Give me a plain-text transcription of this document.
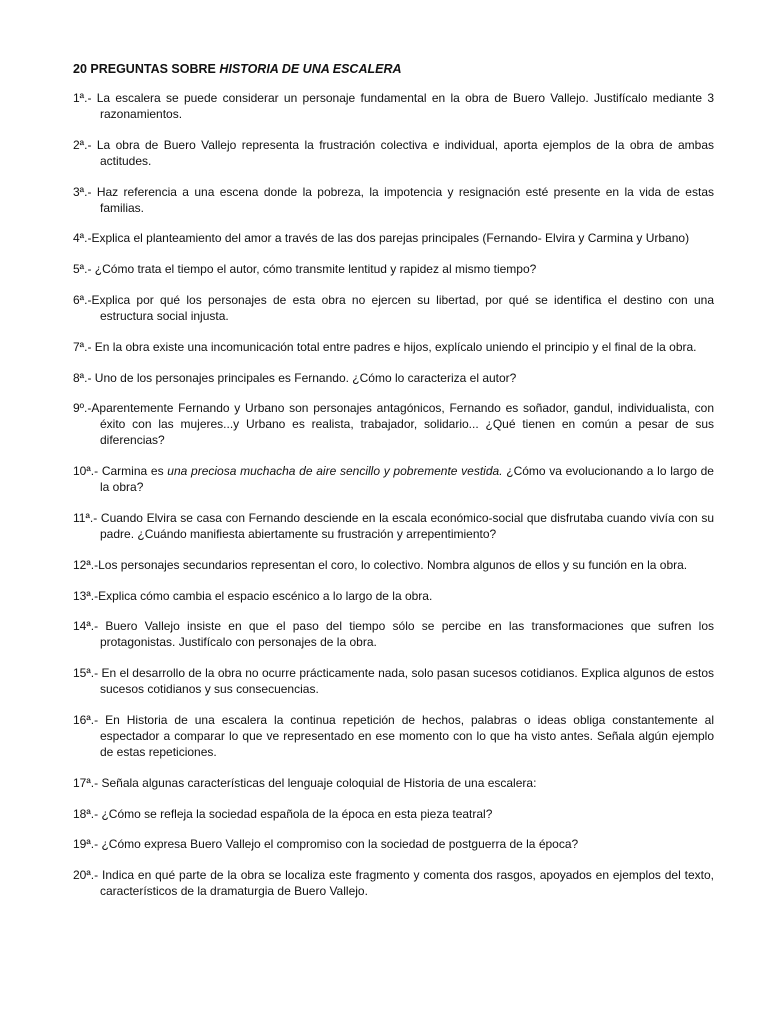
20 PREGUNTAS SOBRE HISTORIA DE UNA ESCALERA
1ª.- La escalera se puede considerar un personaje fundamental en la obra de Buero Vallejo. Justifícalo mediante 3 razonamientos.
2ª.- La obra de Buero Vallejo representa la frustración colectiva e individual, aporta ejemplos de la obra de ambas actitudes.
3ª.- Haz referencia a una escena donde la pobreza, la impotencia y resignación esté presente en la vida de estas familias.
4ª.-Explica el planteamiento del amor a través de las dos parejas principales (Fernando- Elvira y Carmina y Urbano)
5ª.- ¿Cómo trata el tiempo el autor, cómo transmite lentitud y rapidez al mismo tiempo?
6ª.-Explica por qué los personajes de esta obra no ejercen su libertad, por qué se identifica el destino con una estructura social injusta.
7ª.- En la obra existe una incomunicación total entre padres e hijos, explícalo uniendo el principio y el final de la obra.
8ª.- Uno de los personajes principales es Fernando. ¿Cómo lo caracteriza el autor?
9º.-Aparentemente Fernando y Urbano son personajes antagónicos, Fernando es soñador, gandul, individualista, con éxito con las mujeres...y Urbano es realista, trabajador, solidario... ¿Qué tienen en común a pesar de sus diferencias?
10ª.- Carmina es una preciosa muchacha de aire sencillo y pobremente vestida. ¿Cómo va evolucionando a lo largo de la obra?
11ª.- Cuando Elvira se casa con Fernando desciende en la escala económico-social que disfrutaba cuando vivía con su padre. ¿Cuándo manifiesta abiertamente su frustración y arrepentimiento?
12ª.-Los personajes secundarios representan el coro, lo colectivo. Nombra algunos de ellos y su función en la obra.
13ª.-Explica cómo cambia el espacio escénico a lo largo de la obra.
14ª.- Buero Vallejo insiste en que el paso del tiempo sólo se percibe en las transformaciones que sufren los protagonistas. Justifícalo con personajes de la obra.
15ª.- En el desarrollo de la obra no ocurre prácticamente nada, solo pasan sucesos cotidianos. Explica algunos de estos sucesos cotidianos y sus consecuencias.
16ª.- En Historia de una escalera la continua repetición de hechos, palabras o ideas obliga constantemente al espectador a comparar lo que ve representado en ese momento con lo que ha visto antes. Señala algún ejemplo de estas repeticiones.
17ª.- Señala algunas características del lenguaje coloquial de Historia de una escalera:
18ª.- ¿Cómo se refleja la sociedad española de la época en esta pieza teatral?
19ª.- ¿Cómo expresa Buero Vallejo el compromiso con la sociedad de postguerra de la época?
20ª.- Indica en qué parte de la obra se localiza este fragmento y comenta dos rasgos, apoyados en ejemplos del texto, característicos de la dramaturgia de Buero Vallejo.
